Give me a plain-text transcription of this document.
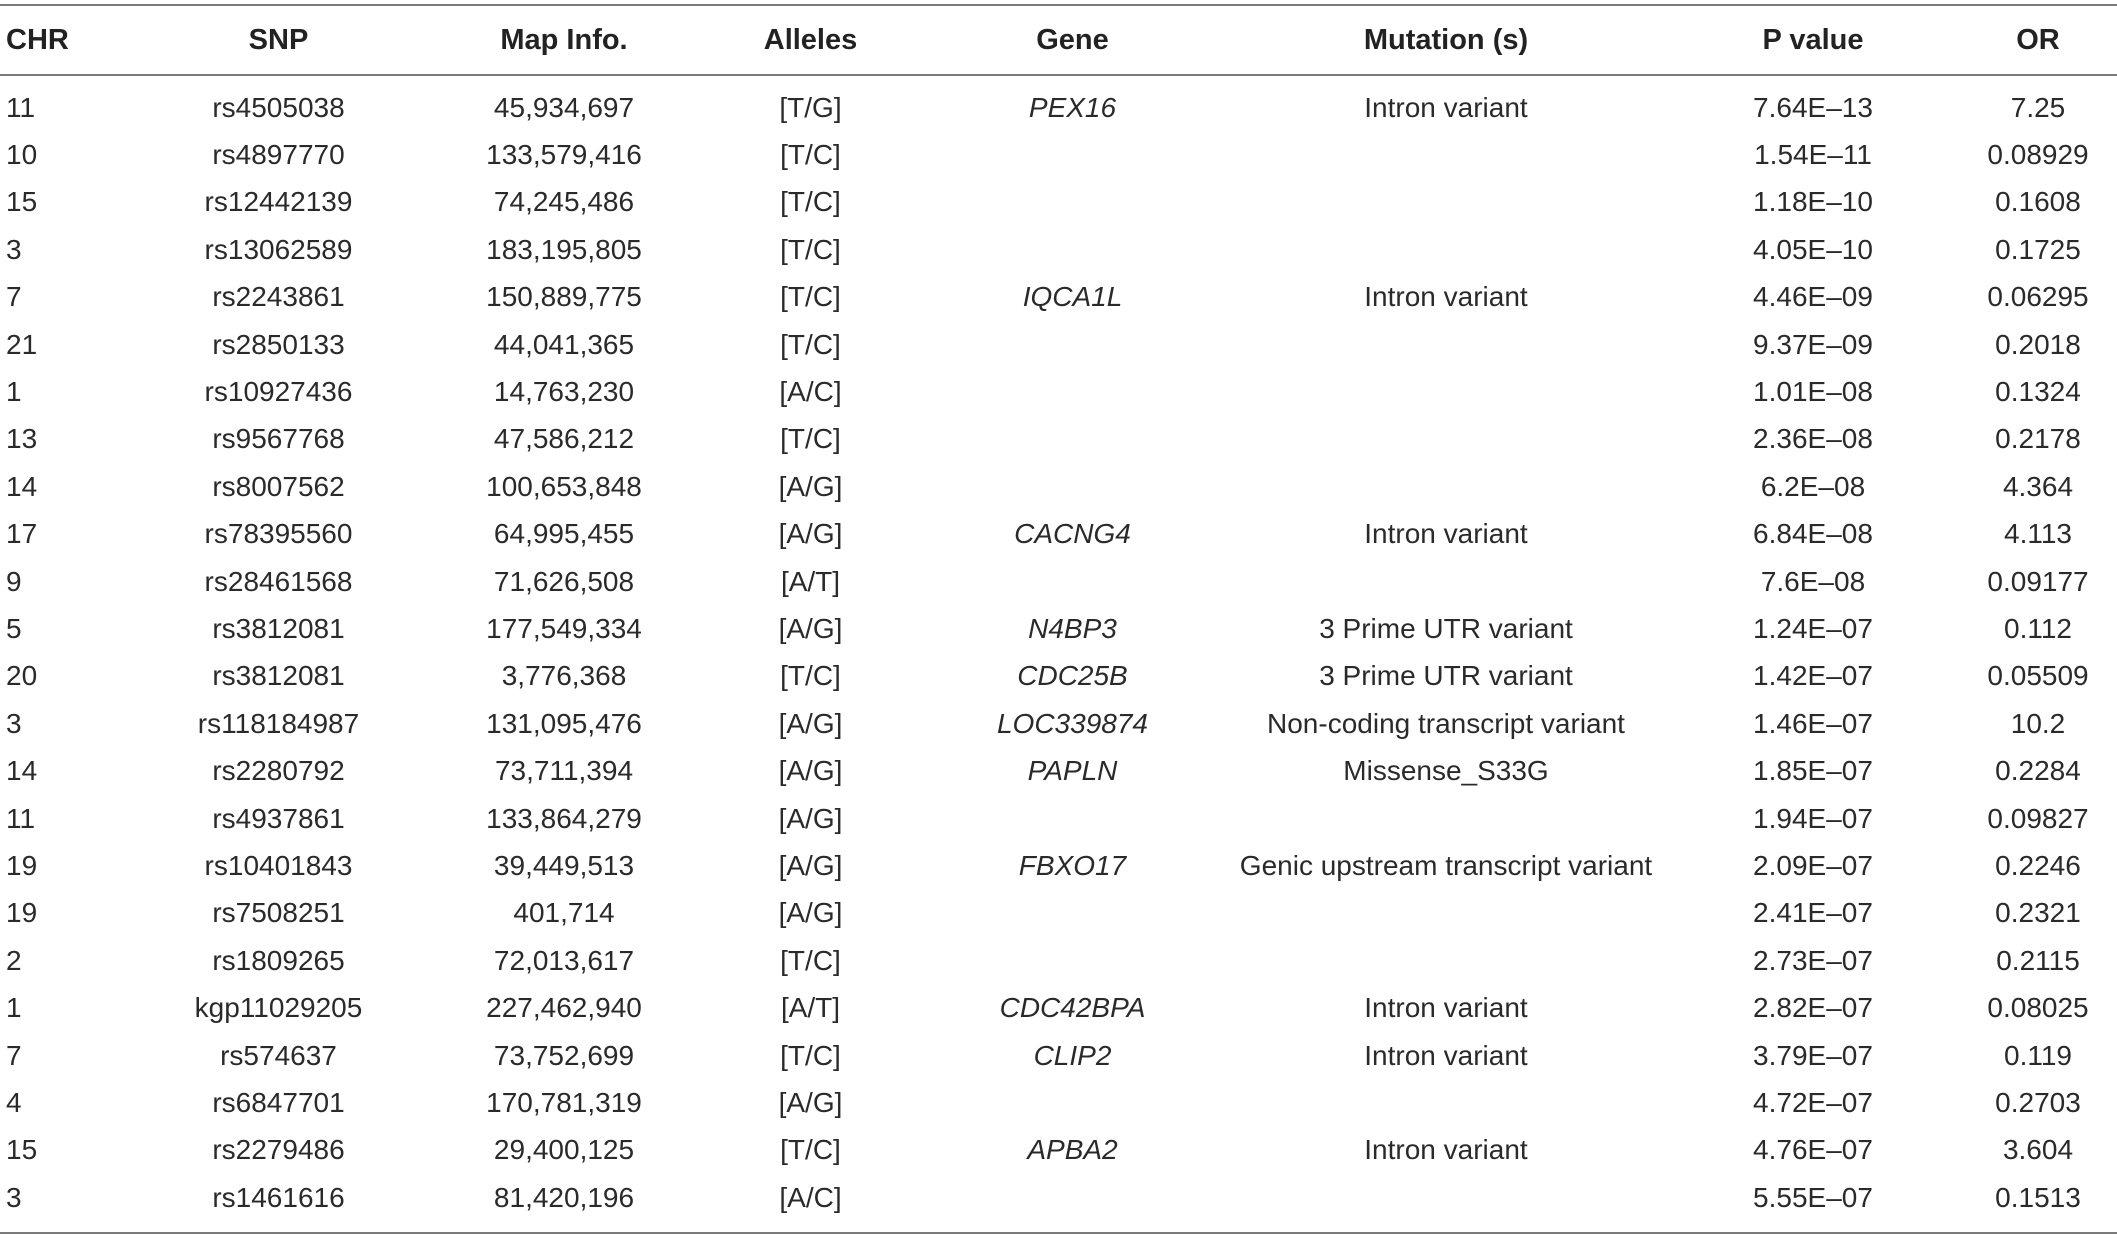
CHR	SNP	Map Info.	Alleles	Gene	Mutation (s)	P value	OR
11	rs4505038	45,934,697	[T/G]	PEX16	Intron variant	7.64E–13	7.25
10	rs4897770	133,579,416	[T/C]			1.54E–11	0.08929
15	rs12442139	74,245,486	[T/C]			1.18E–10	0.1608
3	rs13062589	183,195,805	[T/C]			4.05E–10	0.1725
7	rs2243861	150,889,775	[T/C]	IQCA1L	Intron variant	4.46E–09	0.06295
21	rs2850133	44,041,365	[T/C]			9.37E–09	0.2018
1	rs10927436	14,763,230	[A/C]			1.01E–08	0.1324
13	rs9567768	47,586,212	[T/C]			2.36E–08	0.2178
14	rs8007562	100,653,848	[A/G]			6.2E–08	4.364
17	rs78395560	64,995,455	[A/G]	CACNG4	Intron variant	6.84E–08	4.113
9	rs28461568	71,626,508	[A/T]			7.6E–08	0.09177
5	rs3812081	177,549,334	[A/G]	N4BP3	3 Prime UTR variant	1.24E–07	0.112
20	rs3812081	3,776,368	[T/C]	CDC25B	3 Prime UTR variant	1.42E–07	0.05509
3	rs118184987	131,095,476	[A/G]	LOC339874	Non-coding transcript variant	1.46E–07	10.2
14	rs2280792	73,711,394	[A/G]	PAPLN	Missense_S33G	1.85E–07	0.2284
11	rs4937861	133,864,279	[A/G]			1.94E–07	0.09827
19	rs10401843	39,449,513	[A/G]	FBXO17	Genic upstream transcript variant	2.09E–07	0.2246
19	rs7508251	401,714	[A/G]			2.41E–07	0.2321
2	rs1809265	72,013,617	[T/C]			2.73E–07	0.2115
1	kgp11029205	227,462,940	[A/T]	CDC42BPA	Intron variant	2.82E–07	0.08025
7	rs574637	73,752,699	[T/C]	CLIP2	Intron variant	3.79E–07	0.119
4	rs6847701	170,781,319	[A/G]			4.72E–07	0.2703
15	rs2279486	29,400,125	[T/C]	APBA2	Intron variant	4.76E–07	3.604
3	rs1461616	81,420,196	[A/C]			5.55E–07	0.1513
